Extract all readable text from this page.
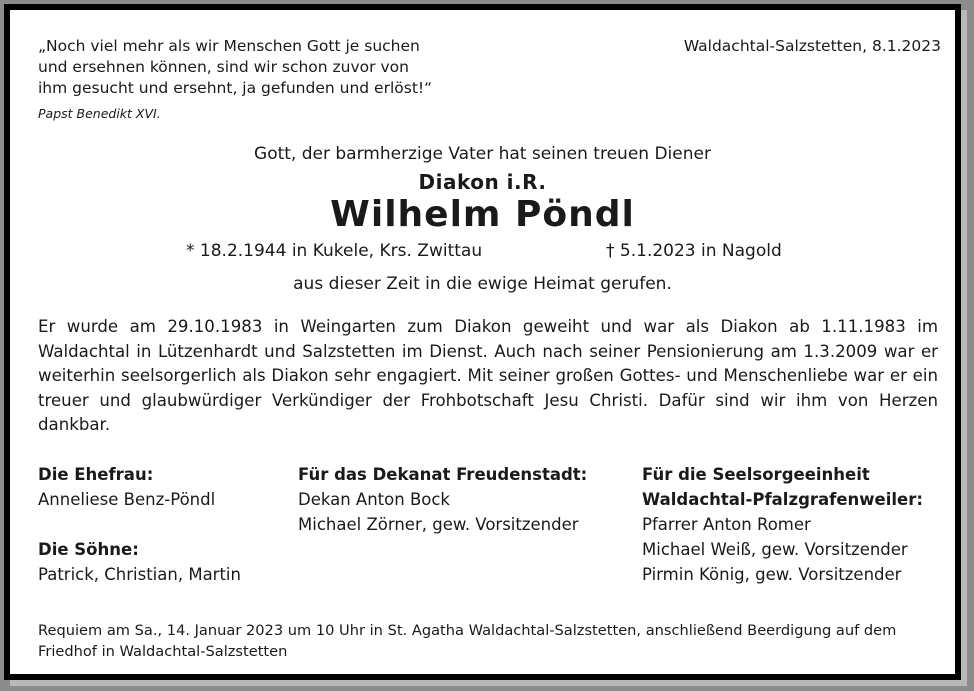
„Noch viel mehr als wir Menschen Gott je suchen
und ersehnen können, sind wir schon zuvor von
ihm gesucht und ersehnt, ja gefunden und erlöst!“
Papst Benedikt XVI.
Waldachtal-Salzstetten, 8.1.2023
Gott, der barmherzige Vater hat seinen treuen Diener
Diakon i.R.
Wilhelm Pöndl
* 18.2.1944 in Kukele, Krs. Zwittau	† 5.1.2023 in Nagold
aus dieser Zeit in die ewige Heimat gerufen.
Er wurde am 29.10.1983 in Weingarten zum Diakon geweiht und war als Diakon ab 1.11.1983 im Waldachtal in Lützenhardt und Salzstetten im Dienst. Auch nach seiner Pensionierung am 1.3.2009 war er weiterhin seelsorgerlich als Diakon sehr engagiert. Mit seiner großen Gottes- und Menschenliebe war er ein treuer und glaubwürdiger Verkündiger der Frohbotschaft Jesu Christi. Dafür sind wir ihm von Herzen dankbar.
Die Ehefrau:
Anneliese Benz-Pöndl
Die Söhne:
Patrick, Christian, Martin
Für das Dekanat Freudenstadt:
Dekan Anton Bock
Michael Zörner, gew. Vorsitzender
Für die Seelsorgeeinheit
Waldachtal-Pfalzgrafenweiler:
Pfarrer Anton Romer
Michael Weiß, gew. Vorsitzender
Pirmin König, gew. Vorsitzender
Requiem am Sa., 14. Januar 2023 um 10 Uhr in St. Agatha Waldachtal-Salzstetten, anschließend Beerdigung auf dem Friedhof in Waldachtal-Salzstetten
